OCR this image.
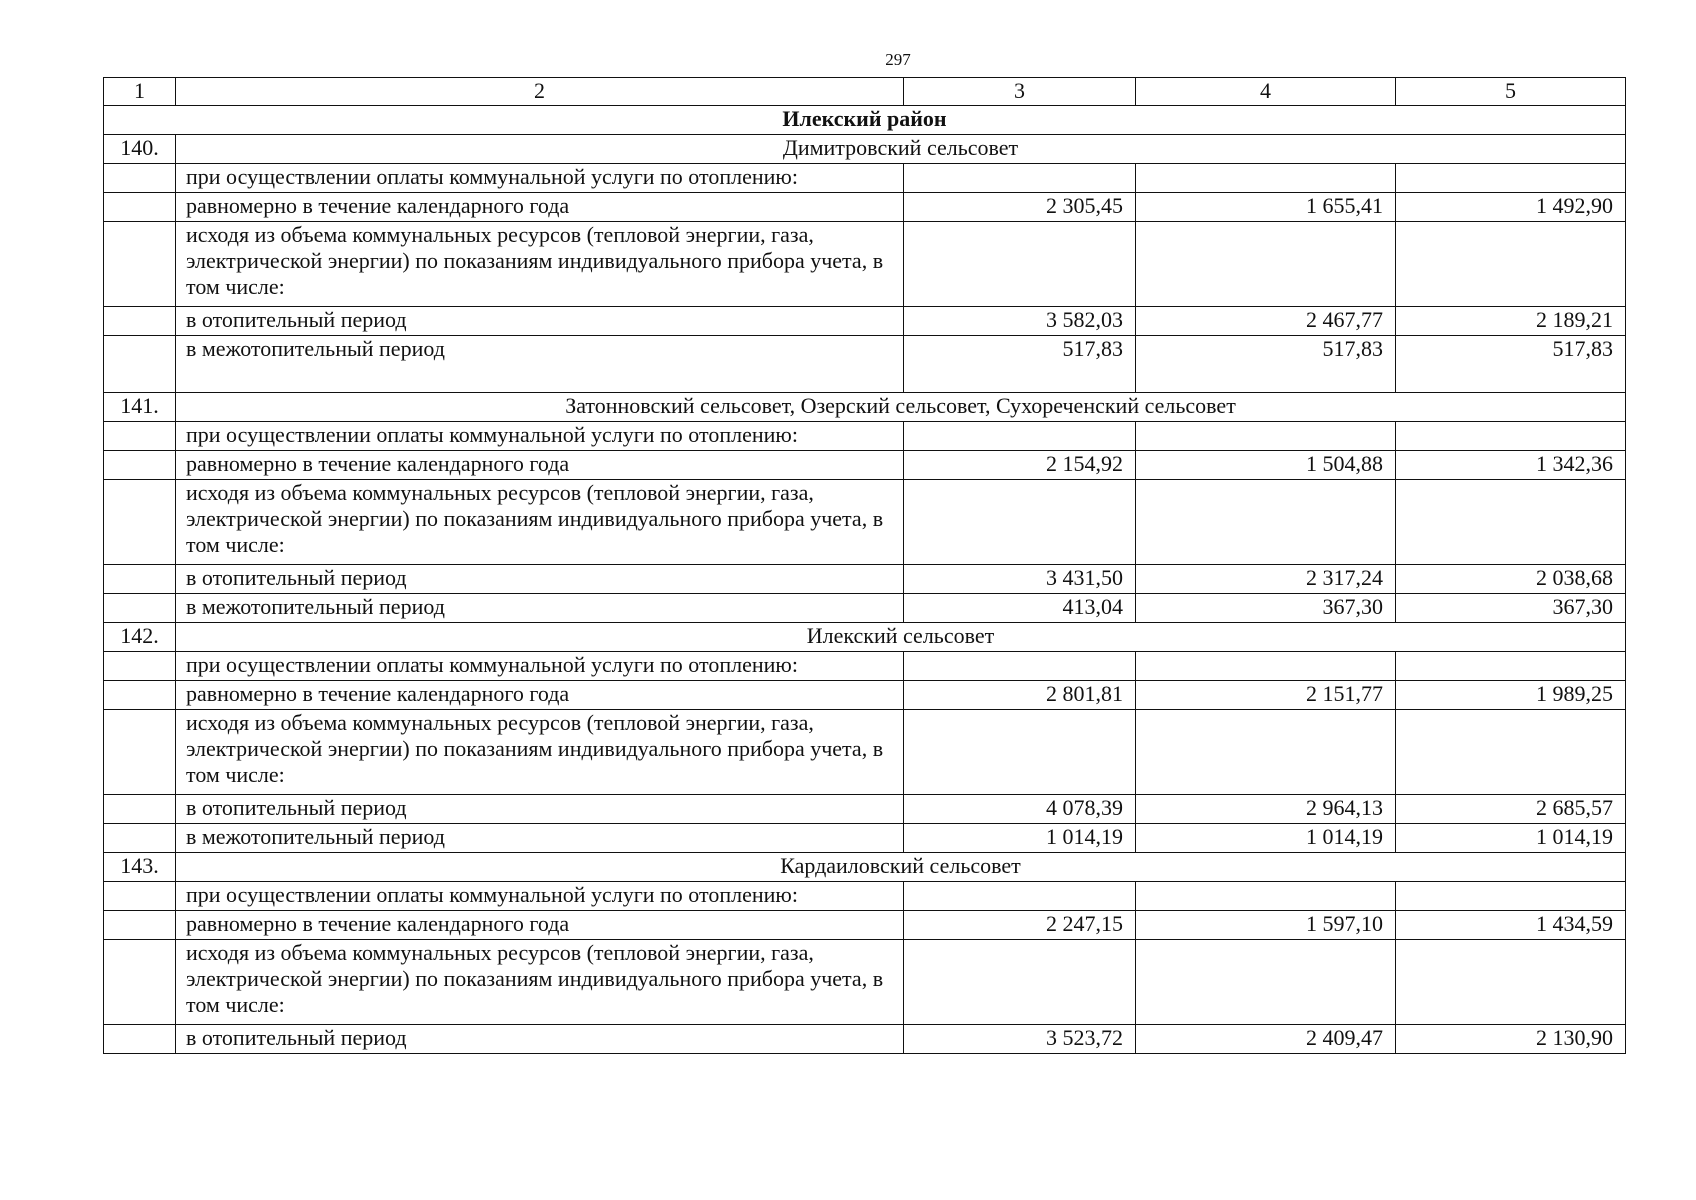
297
1	2	3	4	5
Илекский район				
140.	Димитровский сельсовет			
	при осуществлении оплаты коммунальной услуги по отоплению:			
	равномерно в течение календарного года	2 305,45	1 655,41	1 492,90
	исходя из объема коммунальных ресурсов (тепловой энергии, газа, электрической энергии) по показаниям индивидуального прибора учета, в том числе:			
	в отопительный период	3 582,03	2 467,77	2 189,21
	в межотопительный период	517,83	517,83	517,83
141.	Затонновский сельсовет, Озерский сельсовет, Сухореченский сельсовет			
	при осуществлении оплаты коммунальной услуги по отоплению:			
	равномерно в течение календарного года	2 154,92	1 504,88	1 342,36
	исходя из объема коммунальных ресурсов (тепловой энергии, газа, электрической энергии) по показаниям индивидуального прибора учета, в том числе:			
	в отопительный период	3 431,50	2 317,24	2 038,68
	в межотопительный период	413,04	367,30	367,30
142.	Илекский сельсовет			
	при осуществлении оплаты коммунальной услуги по отоплению:			
	равномерно в течение календарного года	2 801,81	2 151,77	1 989,25
	исходя из объема коммунальных ресурсов (тепловой энергии, газа, электрической энергии) по показаниям индивидуального прибора учета, в том числе:			
	в отопительный период	4 078,39	2 964,13	2 685,57
	в межотопительный период	1 014,19	1 014,19	1 014,19
143.	Кардаиловский сельсовет			
	при осуществлении оплаты коммунальной услуги по отоплению:			
	равномерно в течение календарного года	2 247,15	1 597,10	1 434,59
	исходя из объема коммунальных ресурсов (тепловой энергии, газа, электрической энергии) по показаниям индивидуального прибора учета, в том числе:			
	в отопительный период	3 523,72	2 409,47	2 130,90
